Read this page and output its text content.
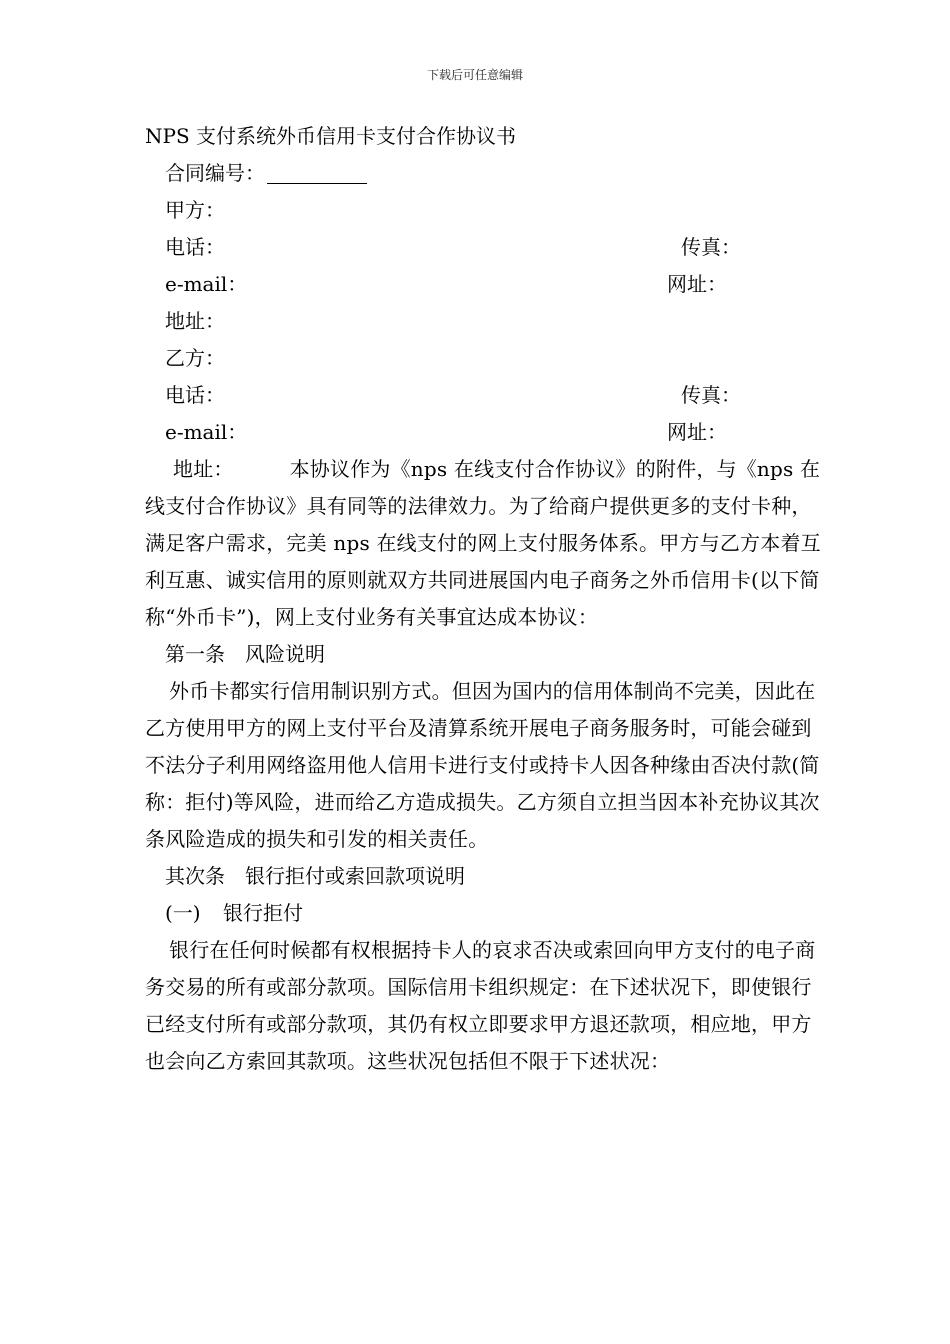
下载后可任意编辑

NPS 支付系统外币信用卡支付合作协议书

合同编号：

甲方：

电话：	传真：
e-mail：	网址：

地址：

乙方：

电话：	传真：
e-mail：	网址：

地址：	本协议作为《nps 在线支付合作协议》的附件，与《nps 在线支付合作协议》具有同等的法律效力。为了给商户提供更多的支付卡种，满足客户需求，完美 nps 在线支付的网上支付服务体系。甲方与乙方本着互利互惠、诚实信用的原则就双方共同进展国内电子商务之外币信用卡(以下简称“外币卡”)，网上支付业务有关事宜达成本协议：

第一条　风险说明

外币卡都实行信用制识别方式。但因为国内的信用体制尚不完美，因此在乙方使用甲方的网上支付平台及清算系统开展电子商务服务时，可能会碰到不法分子利用网络盗用他人信用卡进行支付或持卡人因各种缘由否决付款(简称：拒付)等风险，进而给乙方造成损失。乙方须自立担当因本补充协议其次条风险造成的损失和引发的相关责任。

其次条　银行拒付或索回款项说明

(一) 银行拒付

银行在任何时候都有权根据持卡人的哀求否决或索回向甲方支付的电子商务交易的所有或部分款项。国际信用卡组织规定：在下述状况下，即使银行已经支付所有或部分款项，其仍有权立即要求甲方退还款项，相应地，甲方也会向乙方索回其款项。这些状况包括但不限于下述状况：
